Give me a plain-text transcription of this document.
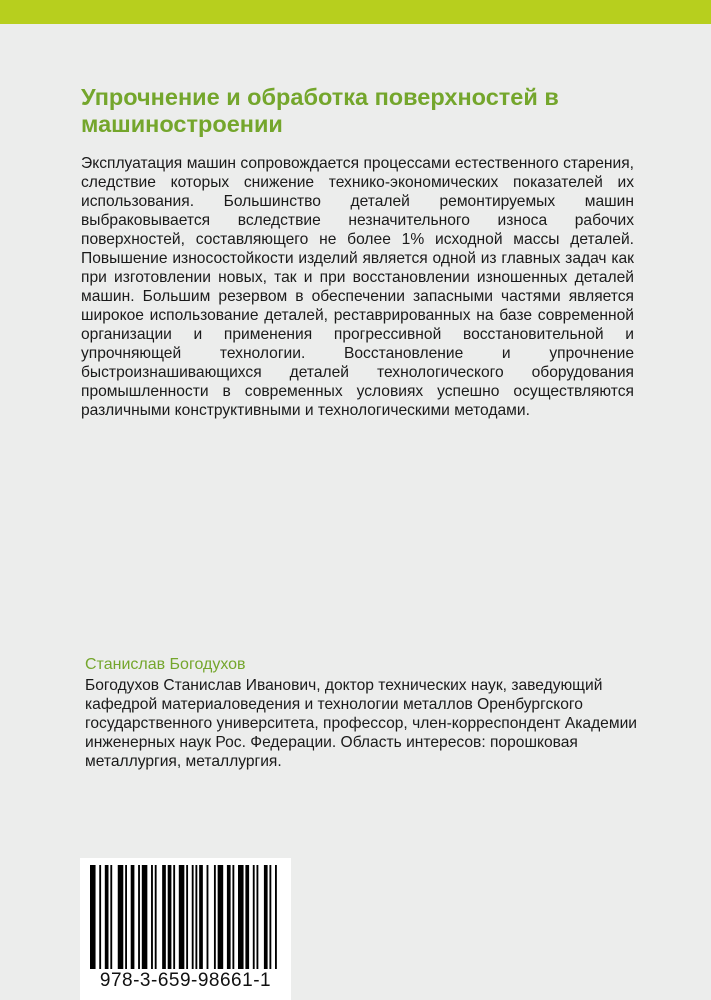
Упрочнение и обработка поверхностей в машиностроении

Эксплуатация машин сопровождается процессами естественного старения, следствие которых снижение технико-экономических показателей их использования. Большинство деталей ремонтируемых машин выбраковывается вследствие незначительного износа рабочих поверхностей, составляющего не более 1% исходной массы деталей. Повышение износостойкости изделий является одной из главных задач как при изготовлении новых, так и при восстановлении изношенных деталей машин. Большим резервом в обеспечении запасными частями является широкое использование деталей, реставрированных на базе современной организации и применения прогрессивной восстановительной и упрочняющей технологии. Восстановление и упрочнение быстроизнашивающихся деталей технологического оборудования промышленности в современных условиях успешно осуществляются различными конструктивными и технологическими методами.

Станислав Богодухов

Богодухов Станислав Иванович, доктор технических наук, заведующий кафедрой материаловедения и технологии металлов Оренбургского государственного университета, профессор, член-корреспондент Академии инженерных наук Рос. Федерации. Область интересов: порошковая металлургия, металлургия.

978-3-659-98661-1
